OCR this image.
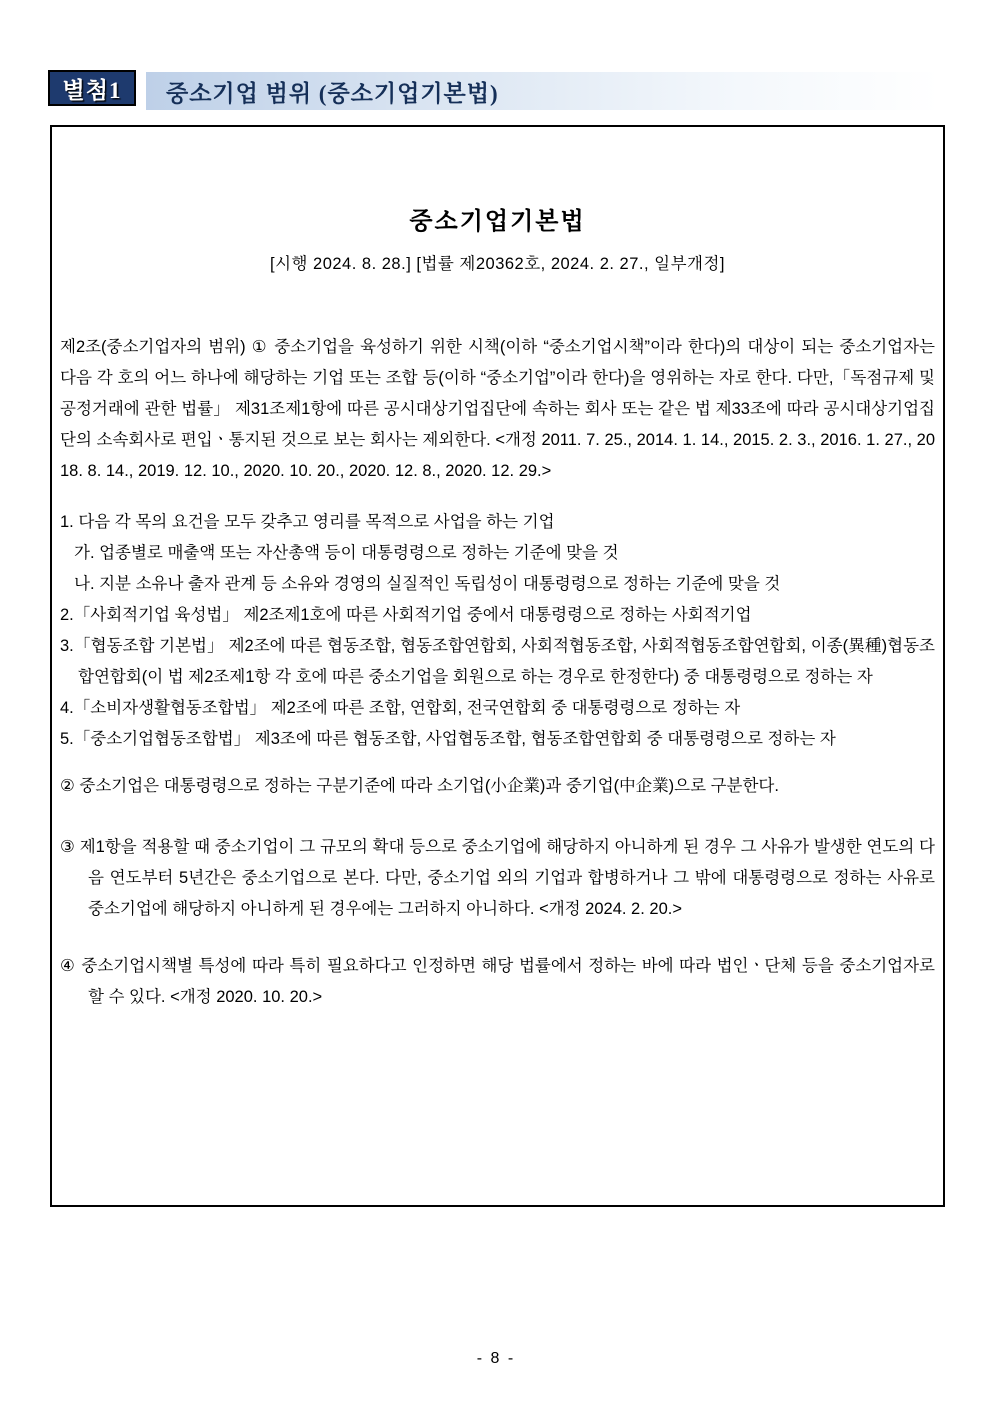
별첨1	중소기업 범위 (중소기업기본법)
중소기업기본법
[시행 2024. 8. 28.] [법률 제20362호, 2024. 2. 27., 일부개정]

제2조(중소기업자의 범위) ① 중소기업을 육성하기 위한 시책(이하 “중소기업시책”이라 한다)의 대상이 되는 중소기업자는 다음 각 호의 어느 하나에 해당하는 기업 또는 조합 등(이하 “중소기업”이라 한다)을 영위하는 자로 한다. 다만,「독점규제 및 공정거래에 관한 법률」 제31조제1항에 따른 공시대상기업집단에 속하는 회사 또는 같은 법 제33조에 따라 공시대상기업집단의 소속회사로 편입ㆍ통지된 것으로 보는 회사는 제외한다. <개정 2011. 7. 25., 2014. 1. 14., 2015. 2. 3., 2016. 1. 27., 2018. 8. 14., 2019. 12. 10., 2020. 10. 20., 2020. 12. 8., 2020. 12. 29.>

1. 다음 각 목의 요건을 모두 갖추고 영리를 목적으로 사업을 하는 기업

가. 업종별로 매출액 또는 자산총액 등이 대통령령으로 정하는 기준에 맞을 것

나. 지분 소유나 출자 관계 등 소유와 경영의 실질적인 독립성이 대통령령으로 정하는 기준에 맞을 것

2.「사회적기업 육성법」 제2조제1호에 따른 사회적기업 중에서 대통령령으로 정하는 사회적기업

3.「협동조합 기본법」 제2조에 따른 협동조합, 협동조합연합회, 사회적협동조합, 사회적협동조합연합회, 이종(異種)협동조합연합회(이 법 제2조제1항 각 호에 따른 중소기업을 회원으로 하는 경우로 한정한다) 중 대통령령으로 정하는 자

4.「소비자생활협동조합법」 제2조에 따른 조합, 연합회, 전국연합회 중 대통령령으로 정하는 자

5.「중소기업협동조합법」 제3조에 따른 협동조합, 사업협동조합, 협동조합연합회 중 대통령령으로 정하는 자

② 중소기업은 대통령령으로 정하는 구분기준에 따라 소기업(小企業)과 중기업(中企業)으로 구분한다.

③ 제1항을 적용할 때 중소기업이 그 규모의 확대 등으로 중소기업에 해당하지 아니하게 된 경우 그 사유가 발생한 연도의 다음 연도부터 5년간은 중소기업으로 본다. 다만, 중소기업 외의 기업과 합병하거나 그 밖에 대통령령으로 정하는 사유로 중소기업에 해당하지 아니하게 된 경우에는 그러하지 아니하다. <개정 2024. 2. 20.>

④ 중소기업시책별 특성에 따라 특히 필요하다고 인정하면 해당 법률에서 정하는 바에 따라 법인ㆍ단체 등을 중소기업자로 할 수 있다. <개정 2020. 10. 20.>

- 8 -
